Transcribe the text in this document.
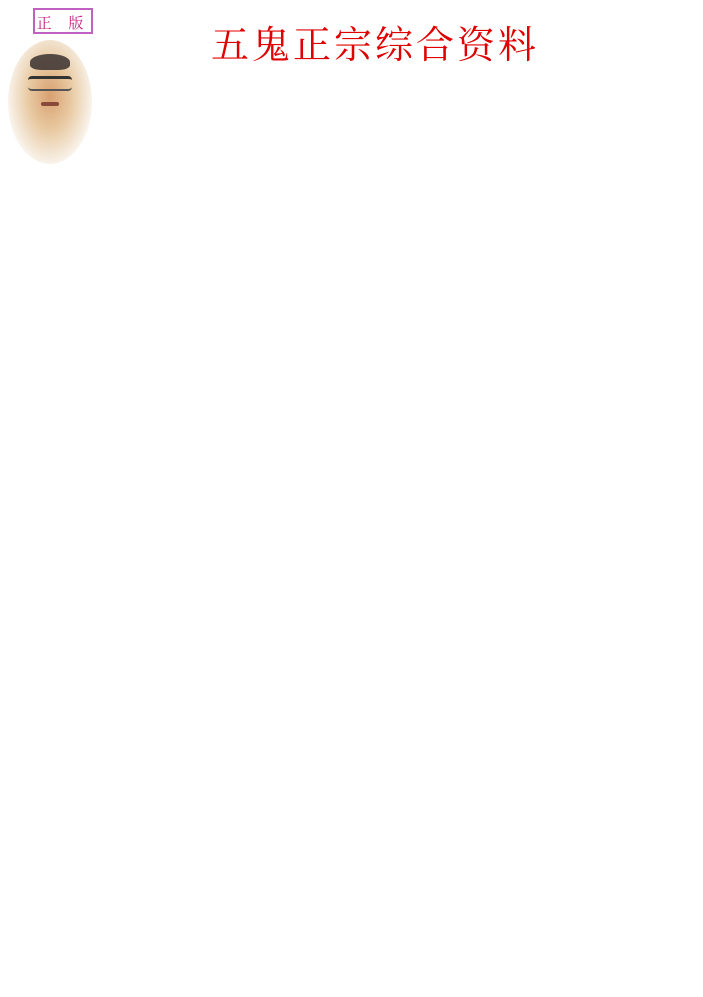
正 版	五鬼正宗综合资料
